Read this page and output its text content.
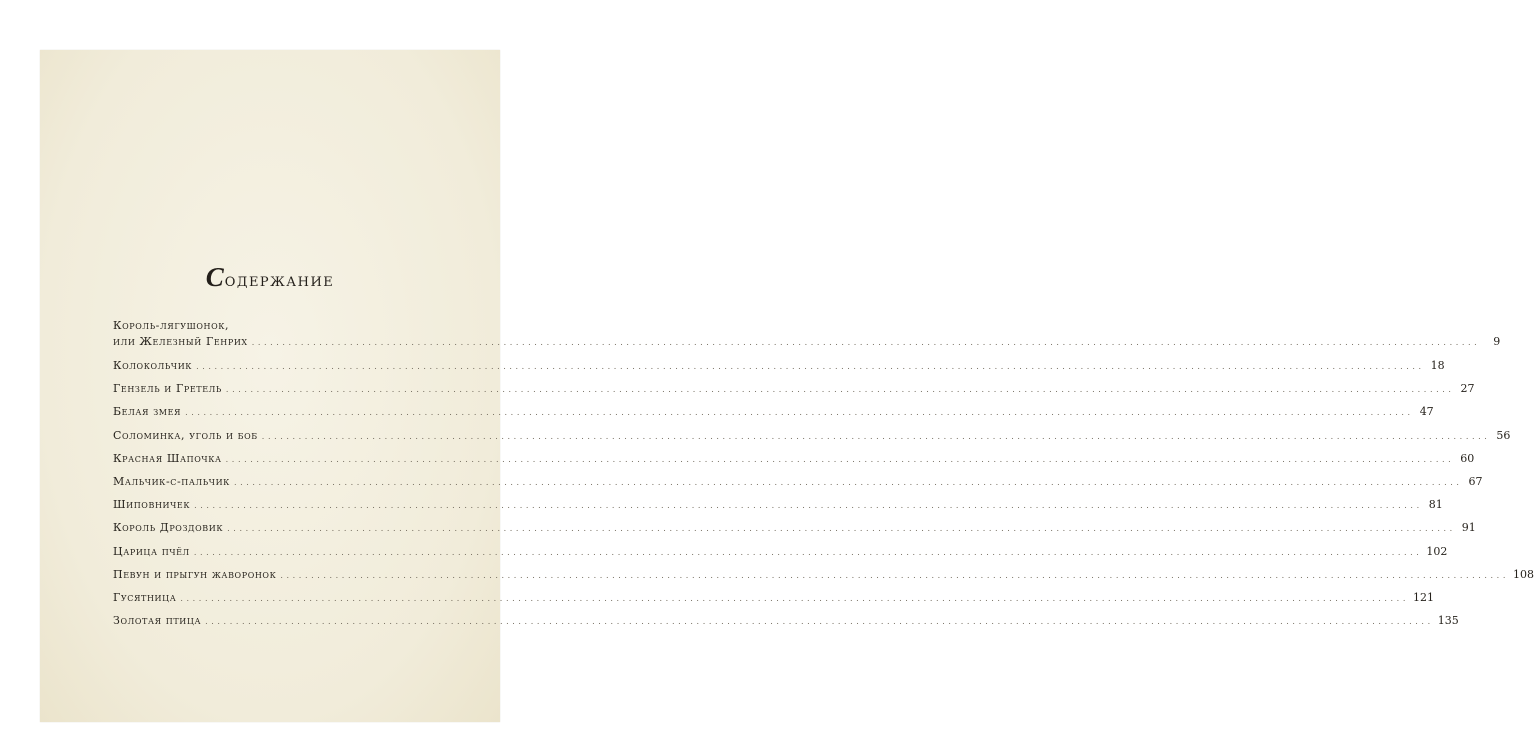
Содержание
Король-лягушонок,
или Железный Генрих ........................................................................................................................................................................................................	9
Колокольчик ........................................................................................................................................................................................................ 18
Гензель и Гретель ........................................................................................................................................................................................................ 27
Белая змея ........................................................................................................................................................................................................ 47
Соломинка, уголь и боб ........................................................................................................................................................................................................ 56
Красная Шапочка ........................................................................................................................................................................................................ 60
Мальчик-с-пальчик ........................................................................................................................................................................................................ 67
Шиповничек ........................................................................................................................................................................................................ 81
Король Дроздовик ........................................................................................................................................................................................................ 91
Царица пчёл ........................................................................................................................................................................................................ 102
Певун и прыгун жаворонок ........................................................................................................................................................................................................ 108
Гусятница ........................................................................................................................................................................................................ 121
Золотая птица ........................................................................................................................................................................................................ 135
